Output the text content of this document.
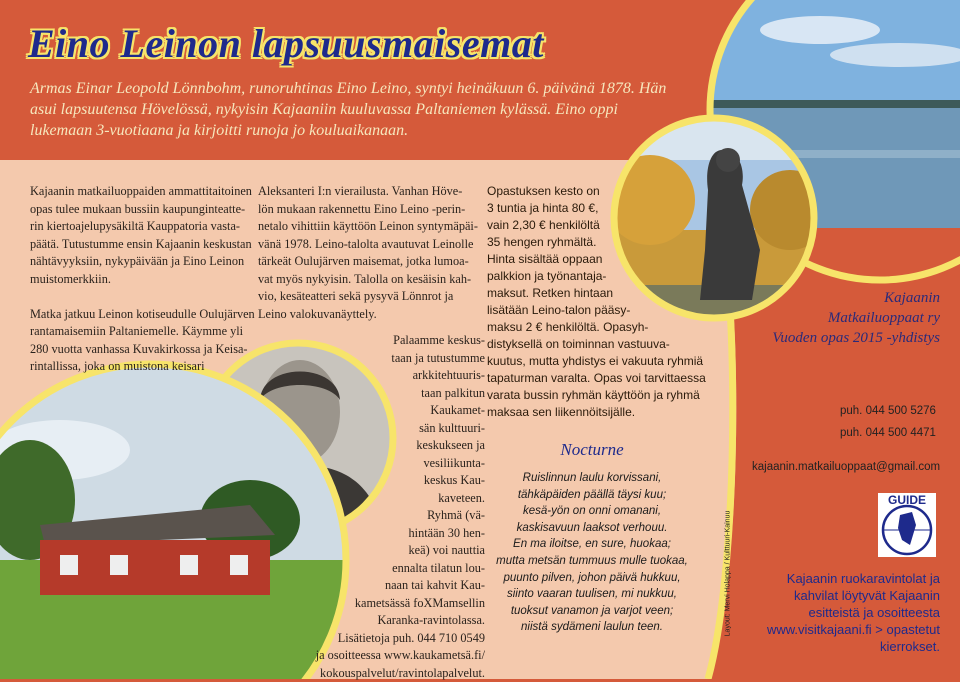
Eino Leinon lapsuusmaisemat
Armas Einar Leopold Lönnbohm, runoruhtinas Eino Leino, syntyi heinäkuun 6. päivänä 1878. Hän
asui lapsuutensa Hövelössä, nykyisin Kajaaniin kuuluvassa Paltaniemen kylässä. Eino oppi
lukemaan 3-vuotiaana ja kirjoitti runoja jo kouluaikanaan.
Kajaanin matkailuoppaiden ammattitaitoinen
opas tulee mukaan bussiin kaupunginteatte-
rin kiertoajelupysäkiltä Kauppatoria vasta-
päätä. Tutustumme ensin Kajaanin keskustan
nähtävyyksiin, nykypäivään ja Eino Leinon
muistomerkkiin.
Matka jatkuu Leinon kotiseudulle Oulujärven
rantamaisemiin Paltaniemelle. Käymme yli
280 vuotta vanhassa Kuvakirkossa ja Keisa-
rintallissa, joka on muistona keisari
Aleksanteri I:n vierailusta. Vanhan Hövе-
lön mukaan rakennettu Eino Leino -perin-
netalo vihittiin käyttöön Leinon syntymäpäi-
vänä 1978. Leino-talolta avautuvat Leinolle
tärkeät Oulujärven maisemat, jotka lumoa-
vat myös nykyisin. Talolla on kesäisin kah-
vio, kesäteatteri sekä pysyvä Lönnrot ja
Leino valokuvanäyttely.
Palaamme keskus-
taan ja tutustumme
arkkitehtuuris-
taan palkitun
Kaukamet-
sän kulttuuri-
keskukseen ja
vesiliikunta-
keskus Kau-
kaveteen.
Ryhmä (vä-
hintään 30 hen-
keä) voi nauttia
ennalta tilatun lou-
naan tai kahvit Kau-
kametsässä foXMamsellin
Karanka-ravintolassa.
Lisätietoja puh. 044 710 0549
ja osoitteessa www.kaukametsä.fi/
kokouspalvelut/ravintolapalvelut.
Opastuksen kesto on
3 tuntia ja hinta 80 €,
vain 2,30 € henkilöltä
35 hengen ryhmältä.
Hinta sisältää oppaan
palkkion ja työnantaja-
maksut. Retken hintaan
lisätään Leino-talon pääsy-
maksu 2 € henkilöltä. Opasyh-
distyksellä on toiminnan vastuuva-
kuutus, mutta yhdistys ei vakuuta ryhmiä
tapaturman varalta. Opas voi tarvittaessa
varata bussin ryhmän käyttöön ja ryhmä
maksaa sen liikennöitsijälle.
Nocturne
Ruislinnun laulu korvissani,
tähkäpäiden päällä täysi kuu;
kesä-yön on onni omanani,
kaskisavuun laaksot verhouu.
En ma iloitse, en sure, huokaa;
mutta metsän tummuus mulle tuokaa,
puunto pilven, johon päivä hukkuu,
siinto vaaran tuulisen, mi nukkuu,
tuoksut vanamon ja varjot veen;
niistä sydämeni laulun teen.	Layout: Mervi Holappa / Kulttuuri-Kainuu
Kajaanin
Matkailuoppaat ry
Vuoden opas 2015 -yhdistys
puh. 044 500 5276
puh. 044 500 4471
kajaanin.matkailuoppaat@gmail.com
GUIDE
Kajaanin ruokaravintolat ja
kahvilat löytyvät Kajaanin
esitteistä ja osoitteesta
www.visitkajaani.fi > opastetut
kierrokset.
